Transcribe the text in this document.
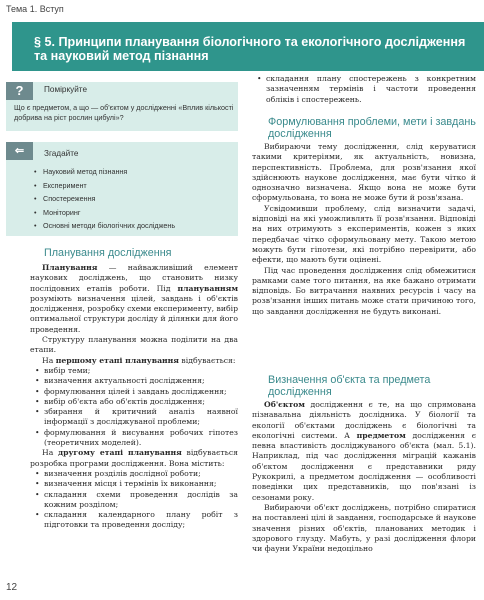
Тема 1. Вступ
§ 5. Принципи планування біологічного та екологічного дослідження та науковий метод пізнання
?	Поміркуйте
Що є предметом, а що — об'єктом у дослідженні «Вплив кількості добрива на ріст рослин цибулі»?
⇐	Згадайте
• Науковий метод пізнання
• Експеримент
• Спостереження
• Моніторинг
• Основні методи біологічних досліджень
Планування дослідження

Планування — найважливіший елемент наукових досліджень, що становить низку послідовних етапів роботи. Під плануванням розуміють визначення цілей, завдань і об'єктів дослідження, розробку схеми експерименту, вибір оптимальної структури досліду й ділянки для його проведення.

Структуру планування можна поділити на два етапи.

На першому етапі планування відбувається:

• вибір теми;
• визначення актуальності дослідження;
• формулювання цілей і завдань дослідження;
• вибір об'єкта або об'єктів дослідження;
• збирання й критичний аналіз наявної інформації з досліджуваної проблеми;
• формулювання й висування робочих гіпотез (теоретичних моделей).

На другому етапі планування відбувається розробка програми дослідження. Вона містить:

• визначення розділів дослідної роботи;
• визначення місця і термінів їх виконання;
• складання схеми проведення дослідів за кожним розділом;
• складання календарного плану робіт з підготовки та проведення досліду;
• складання плану спостережень з конкретним зазначенням термінів і частоти проведення обліків і спостережень.
Формулювання проблеми, мети і завдань дослідження

Вибираючи тему дослідження, слід керуватися такими критеріями, як актуальність, новизна, перспективність. Проблема, для розв'язання якої здійснюють наукове дослідження, має бути чітко й однозначно визначена. Якщо вона не може бути сформульована, то вона не може бути й розв'язана.

Усвідомивши проблему, слід визначити задачі, відповіді на які уможливлять її розв'язання. Відповіді на них отримують з експериментів, кожен з яких передбачає чітко сформульовану мету. Такою метою можуть бути гіпотези, які потрібно перевірити, або ефекти, що мають бути оцінені.

Під час проведення дослідження слід обмежитися рамками саме того питання, на яке бажано отримати відповідь. Бо витрачання наявних ресурсів і часу на розв'язання інших питань може стати причиною того, що завдання дослідження не будуть виконані.

Визначення об'єкта та предмета дослідження

Об'єктом дослідження є те, на що спрямована пізнавальна діяльність дослідника. У біології та екології об'єктами досліджень є біологічні та екологічні системи. А предметом дослідження є певна властивість досліджуваного об'єкта (мал. 5.1). Наприклад, під час дослідження міграцій кажанів об'єктом дослідження є представники ряду Рукокрилі, а предметом дослідження — особливості поведінки цих представників, що пов'язані із сезонами року.

Вибираючи об'єкт досліджень, потрібно спиратися на поставлені цілі й завдання, господарське й наукове значення різних об'єктів, планованих методик і здорового глузду. Мабуть, у разі дослідження флори чи фауни України недоцільно

12
